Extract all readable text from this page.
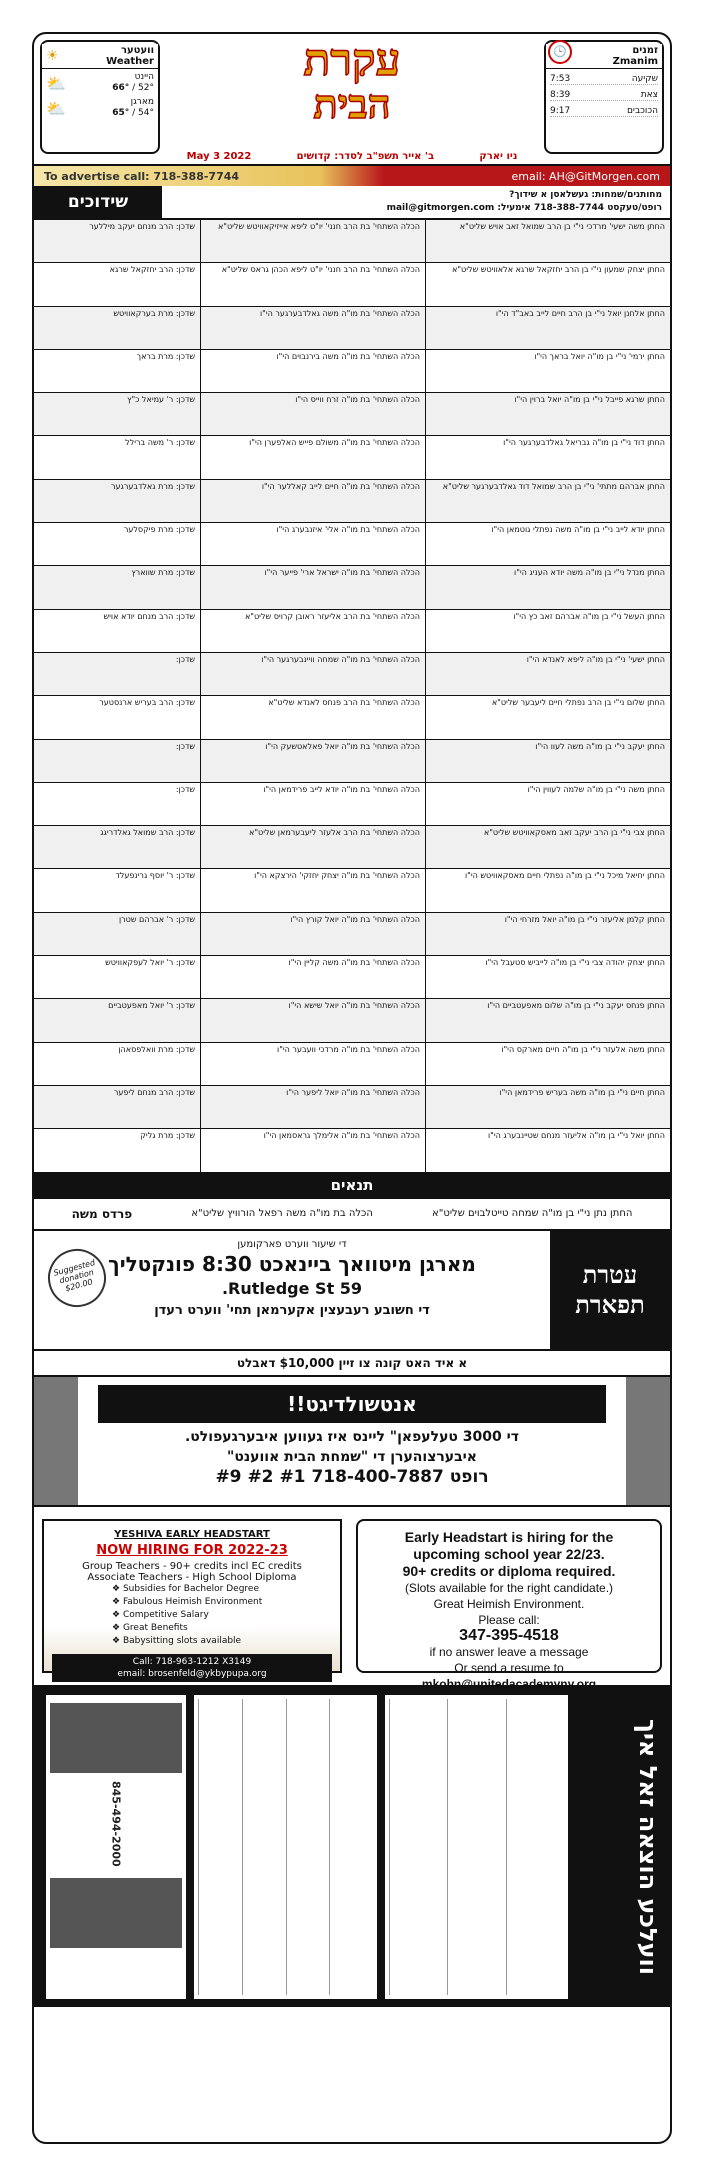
☀	וועטער
Weather
⛅	היינט
66° / 52°
⛅	מארגן
65° / 54°
עקרת
הבית
🕒	זמנים
Zmanim
שקיעה
7:53
צאת
8:39
הכוכבים
9:17
ניו יארק
ב' אייר תשפ"ב לסדר: קדושים
May 3 2022
To advertise call: 718-388-7744	email: AH@GitMorgen.com
שידוכים	מחותנים/שמחות: געשלאסן א שידוך?
רופט/טעקסט 718-388-7744 אימעיל: mail@gitmorgen.com
החתן משה ישעי' מרדכי ני"י בן הרב שמואל זאב אויש שליט"א
הכלה השתחי' בת הרב חנני' יו"ט ליפא אייזיקאוויטש שליט"א
שדכן: הרב מנחם יעקב מיללער
החתן יצחק שמעון ני"י בן הרב יחזקאל שרגא אלאוויטש שליט"א
הכלה השתחי' בת הרב חנני' יו"ט ליפא הכהן גראס שליט"א
שדכן: הרב יחזקאל שרגא
החתן אלחנן יואל ני"י בן הרב חיים לייב באב"ד הי"ו
הכלה השתחי' בת מו"ה משה גאלדבערגער הי"ו
שדכן: מרת בערקאוויטש
החתן ירמי' ני"י בן מו"ה יואל בראך הי"ו
הכלה השתחי' בת מו"ה משה בירנבוים הי"ו
שדכן: מרת בראך
החתן שרגא פייבל ני"י בן מו"ה יואל ברוין הי"ו
הכלה השתחי' בת מו"ה זרח ווייס הי"ו
שדכן: ר' עמיאל כ"ץ
החתן דוד ני"י בן מו"ה גבריאל גאלדבערגער הי"ו
הכלה השתחי' בת מו"ה משולם פייש האלפערן הי"ו
שדכן: ר' משה ברילל
החתן אברהם מתתי' ני"י בן הרב שמואל דוד גאלדבערגער שליט"א
הכלה השתחי' בת מו"ה חיים לייב קאללער הי"ו
שדכן: מרת גאלדבערגער
החתן יודא לייב ני"י בן מו"ה משה נפתלי גוטמאן הי"ו
הכלה השתחי' בת מו"ה אלי' איזנבערג הי"ו
שדכן: מרת פיקסלער
החתן מנדל ני"י בן מו"ה משה יודא העניג הי"ו
הכלה השתחי' בת מו"ה ישראל ארי' פייער הי"ו
שדכן: מרת שווארץ
החתן העשל ני"י בן מו"ה אברהם זאב כץ הי"ו
הכלה השתחי' בת הרב אליעזר ראובן קרויס שליט"א
שדכן: הרב מנחם יודא אויש
החתן ישעי' ני"י בן מו"ה ליפא לאנדא הי"ו
הכלה השתחי' בת מו"ה שמחה וויינבערגער הי"ו
שדכן:
החתן שלום ני"י בן הרב נפתלי חיים ליעבער שליט"א
הכלה השתחי' בת הרב פנחס לאנדא שליט"א
שדכן: הרב בעריש ארנסטער
החתן יעקב ני"י בן מו"ה משה לעוו הי"ו
הכלה השתחי' בת מו"ה יואל פאלאטשעק הי"ו
שדכן:
החתן משה ני"י בן מו"ה שלמה לעווין הי"ו
הכלה השתחי' בת מו"ה יודא לייב פרידמאן הי"ו
שדכן:
החתן צבי ני"י בן הרב יעקב זאב מאסקאוויטש שליט"א
הכלה השתחי' בת הרב אלעזר ליעבערמאן שליט"א
שדכן: הרב שמואל גאלדריגג
החתן יחיאל מיכל ני"י בן מו"ה נפתלי חיים מאסקאוויטש הי"ו
הכלה השתחי' בת מו"ה יצחק יחזקי' הירצקא הי"ו
שדכן: ר' יוסף גרינפעלד
החתן קלמן אליעזר ני"י בן מו"ה יואל מזרחי הי"ו
הכלה השתחי' בת מו"ה יואל קורץ הי"ו
שדכן: ר' אברהם שטרן
החתן יצחק יהודה צבי ני"י בן מו"ה לייביש סטעבל הי"ו
הכלה השתחי' בת מו"ה משה קליין הי"ו
שדכן: ר' יואל לעפקאוויטש
החתן פנחס יעקב ני"י בן מו"ה שלום מאפעטביים הי"ו
הכלה השתחי' בת מו"ה יואל שישא הי"ו
שדכן: ר' יואל מאפעטביים
החתן משה אלעזר ני"י בן מו"ה חיים מארקס הי"ו
הכלה השתחי' בת מו"ה מרדכי וועבער הי"ו
שדכן: מרת וואלפסאהן
החתן חיים ני"י בן מו"ה משה בעריש פרידמאן הי"ו
הכלה השתחי' בת מו"ה יואל ליפער הי"ו
שדכן: הרב מנחם ליפער
החתן יואל ני"י בן מו"ה אליעזר מנחם שטיינבערג הי"ו
הכלה השתחי' בת מו"ה אלימלך גראסמאן הי"ו
שדכן: מרת גליק
תנאים
החתן נתן ני"י בן מו"ה שמחה טייטלבוים שליט"א
הכלה בת מו"ה משה רפאל הורוויץ שליט"א
פרדס משה
עטרת
תפארת
די שיעור ווערט פארקומען
מארגן מיטוואך ביינאכט 8:30 פונקטליך
59 Rutledge St.
די חשובע רעבעצין אקערמאן תחי' ווערט רעדן
Suggested donation $20.00
א איד האט קונה צו זיין $10,000 דאבלט
אנטשולדיגט!!

די 3000 טעלעפאן" ליינס איז געווען איבערגעפולט.

איבערצוהערן די "שמחת הבית אווענט"

רופט 718-400-7887 #1 #2 #9
YESHIVA EARLY HEADSTART
NOW HIRING FOR 2022-23
Group Teachers - 90+ credits incl EC credits
Associate Teachers - High School Diploma
❖ Subsidies for Bachelor Degree
❖ Fabulous Heimish Environment
❖ Competitive Salary
❖ Great Benefits
❖ Babysitting slots available
Call: 718-963-1212 X3149
email: brosenfeld@ykbypupa.org
Early Headstart is hiring for the
upcoming school year 22/23.
90+ credits or diploma required.
(Slots available for the right candidate.)
Great Heimish Environment.
Please call:
347-395-4518
if no answer leave a message
Or send a resume to
mkohn@unitedacademyny.org
845-494-2000	וועלכע הוצאה זאל איך
